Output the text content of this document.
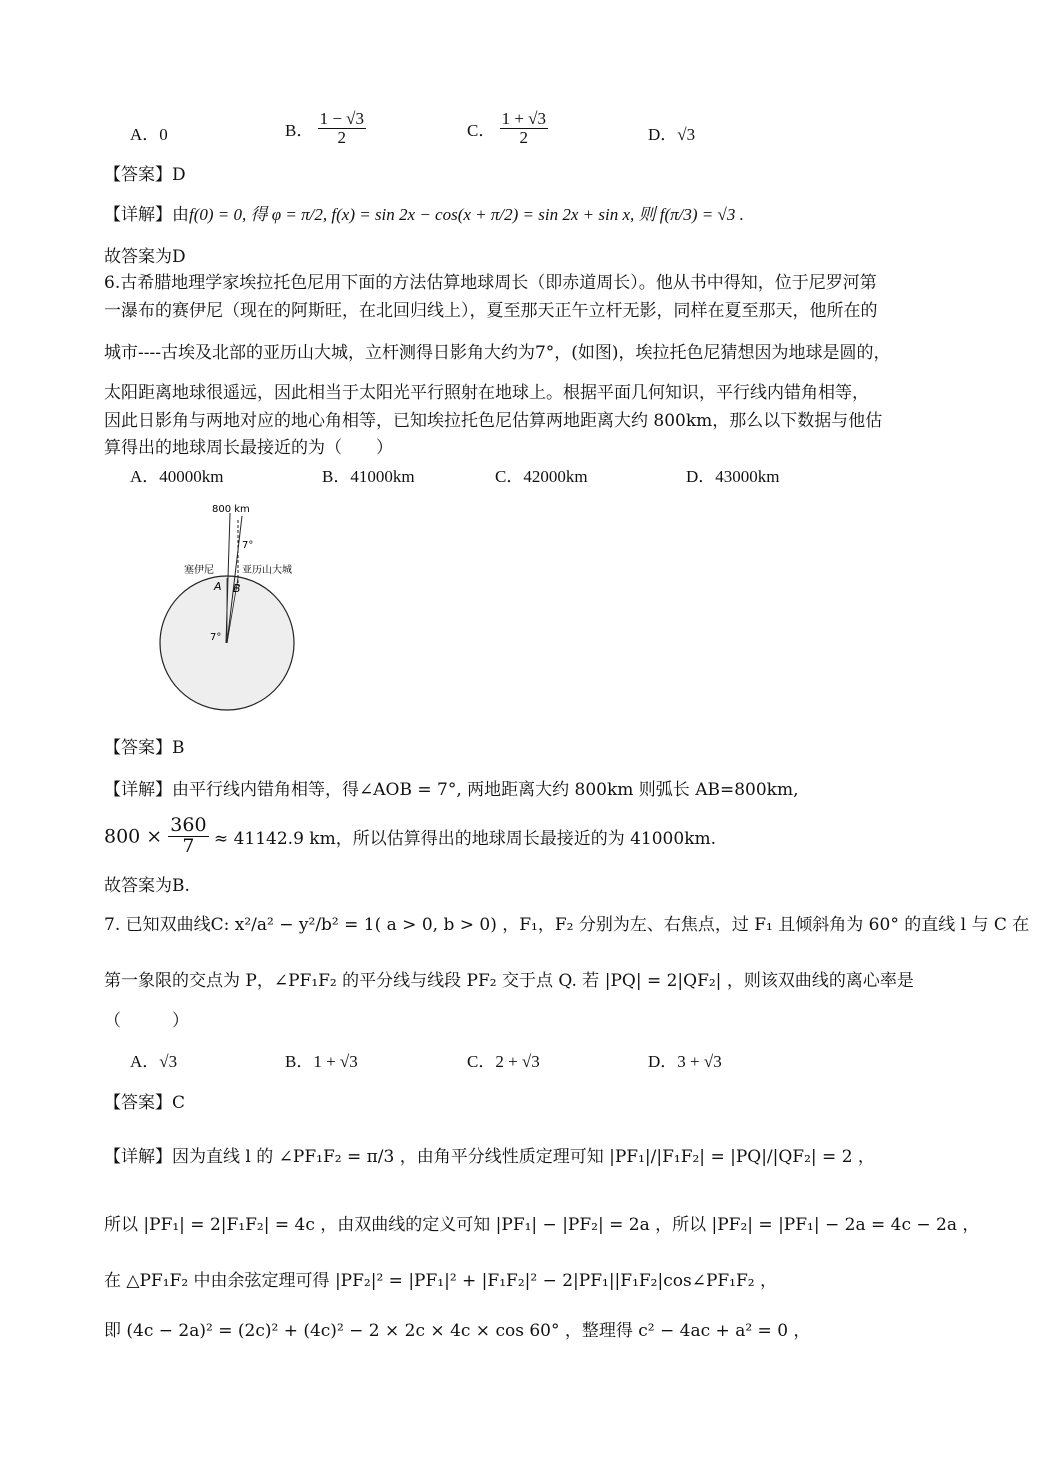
A．0	B． $\frac{1 - √3}{2}$	C． $\frac{1 + √3}{2}$	D．√3
【答案】D
【详解】由f(0) = 0, 得 φ = π/2, f(x) = sin 2x − cos(x + π/2) = sin 2x + sin x, 则 f(π/3) = √3 .
故答案为D
6.古希腊地理学家埃拉托色尼用下面的方法估算地球周长（即赤道周长）。他从书中得知，位于尼罗河第
一瀑布的赛伊尼（现在的阿斯旺，在北回归线上），夏至那天正午立杆无影，同样在夏至那天，他所在的
城市----古埃及北部的亚历山大城，立杆测得日影角大约为7°，(如图)，埃拉托色尼猜想因为地球是圆的，
太阳距离地球很遥远，因此相当于太阳光平行照射在地球上。根据平面几何知识，平行线内错角相等，
因此日影角与两地对应的地心角相等，已知埃拉托色尼估算两地距离大约 800km，那么以下数据与他估
算得出的地球周长最接近的为（　　）
A．40000km	B．41000km	C．42000km	D．43000km
800 km
7°
塞伊尼	亚历山大城
A B
7°
【答案】B
【详解】由平行线内错角相等，得∠AOB = 7°, 两地距离大约 800km 则弧长 AB=800km,
$800 \times \frac{360}{7} \approx 41142.9$ km，所以估算得出的地球周长最接近的为 41000km.
故答案为B.
7. 已知双曲线C: x²/a² − y²/b² = 1( a > 0, b > 0) ，F₁，F₂ 分别为左、右焦点，过 F₁ 且倾斜角为 60° 的直线 l 与 C 在
第一象限的交点为 P，∠PF₁F₂ 的平分线与线段 PF₂ 交于点 Q. 若 |PQ| = 2|QF₂| ，则该双曲线的离心率是
（　　　）
A．√3	B．1 + √3	C．2 + √3	D．3 + √3
【答案】C
【详解】因为直线 l 的 ∠PF₁F₂ = π/3 ，由角平分线性质定理可知 |PF₁|/|F₁F₂| = |PQ|/|QF₂| = 2 ，
所以 |PF₁| = 2|F₁F₂| = 4c ，由双曲线的定义可知 |PF₁| − |PF₂| = 2a ，所以 |PF₂| = |PF₁| − 2a = 4c − 2a ，
在 △PF₁F₂ 中由余弦定理可得 |PF₂|² = |PF₁|² + |F₁F₂|² − 2|PF₁||F₁F₂|cos∠PF₁F₂ ，
即 (4c − 2a)² = (2c)² + (4c)² − 2 × 2c × 4c × cos 60° ，整理得 c² − 4ac + a² = 0 ，
